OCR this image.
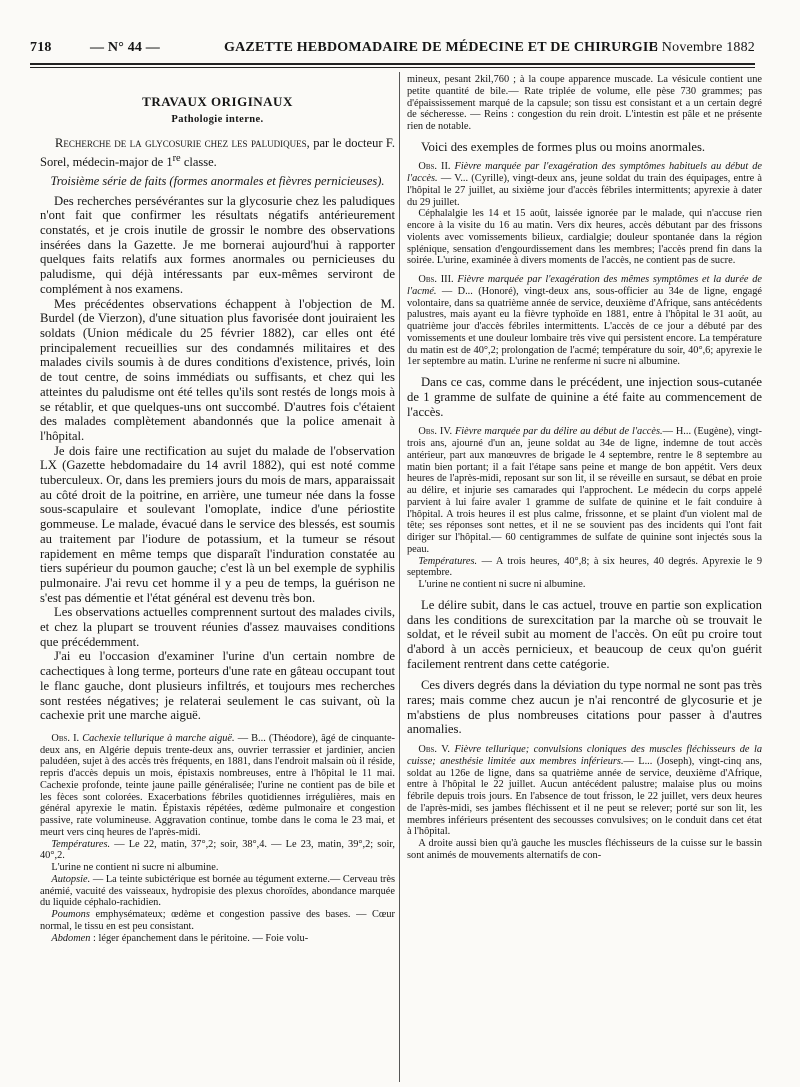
718	— N° 44 —	GAZETTE HEBDOMADAIRE DE MÉDECINE ET DE CHIRURGIE
3 Novembre 1882

TRAVAUX ORIGINAUX

Pathologie interne.

Recherche de la glycosurie chez les paludiques, par le docteur F. Sorel, médecin-major de 1re classe.

Troisième série de faits (formes anormales et fièvres pernicieuses).

Des recherches persévérantes sur la glycosurie chez les paludiques n'ont fait que confirmer les résultats négatifs antérieurement constatés, et je crois inutile de grossir le nombre des observations insérées dans la Gazette. Je me bornerai aujourd'hui à rapporter quelques faits relatifs aux formes anormales ou pernicieuses du paludisme, qui déjà intéressants par eux-mêmes serviront de complément à nos examens.

Mes précédentes observations échappent à l'objection de M. Burdel (de Vierzon), d'une situation plus favorisée dont jouiraient les soldats (Union médicale du 25 février 1882), car elles ont été principalement recueillies sur des condamnés militaires et des malades civils soumis à de dures conditions d'existence, privés, loin de tout centre, de soins immédiats ou suffisants, et chez qui les atteintes du paludisme ont été telles qu'ils sont restés de longs mois à se rétablir, et que quelques-uns ont succombé. D'autres fois c'étaient des malades complètement abandonnés que la police amenait à l'hôpital.

Je dois faire une rectification au sujet du malade de l'observation LX (Gazette hebdomadaire du 14 avril 1882), qui est noté comme tuberculeux. Or, dans les premiers jours du mois de mars, apparaissait au côté droit de la poitrine, en arrière, une tumeur née dans la fosse sous-scapulaire et soulevant l'omoplate, indice d'une périostite gommeuse. Le malade, évacué dans le service des blessés, est soumis au traitement par l'iodure de potassium, et la tumeur se résout rapidement en même temps que disparaît l'induration constatée au tiers supérieur du poumon gauche; c'est là un bel exemple de syphilis pulmonaire. J'ai revu cet homme il y a peu de temps, la guérison ne s'est pas démentie et l'état général est devenu très bon.

Les observations actuelles comprennent surtout des malades civils, et chez la plupart se trouvent réunies d'assez mauvaises conditions que précédemment.

J'ai eu l'occasion d'examiner l'urine d'un certain nombre de cachectiques à long terme, porteurs d'une rate en gâteau occupant tout le flanc gauche, dont plusieurs infiltrés, et toujours mes recherches sont restées négatives; je relaterai seulement le cas suivant, où la cachexie prit une marche aiguë.

Obs. I. Cachexie tellurique à marche aiguë. — B... (Théodore), âgé de cinquante-deux ans, en Algérie depuis trente-deux ans, ouvrier terrassier et jardinier, ancien paludéen, sujet à des accès très fréquents, en 1881, dans l'endroit malsain où il réside, repris d'accès depuis un mois, épistaxis nombreuses, entre à l'hôpital le 11 mai. Cachexie profonde, teinte jaune paille généralisée; l'urine ne contient pas de bile et les fèces sont colorées. Exacerbations fébriles quotidiennes irrégulières, mais en général apyrexie le matin. Épistaxis répétées, œdème pulmonaire et congestion passive, rate volumineuse. Aggravation continue, tombe dans le coma le 23 mai, et meurt vers cinq heures de l'après-midi.

Températures. — Le 22, matin, 37°,2; soir, 38°,4. — Le 23, matin, 39°,2; soir, 40°,2.

L'urine ne contient ni sucre ni albumine.

Autopsie. — La teinte subictérique est bornée au tégument externe.— Cerveau très anémié, vacuité des vaisseaux, hydropisie des plexus choroïdes, abondance marquée du liquide céphalo-rachidien.

Poumons emphysémateux; œdème et congestion passive des bases. — Cœur normal, le tissu en est peu consistant.

Abdomen : léger épanchement dans le péritoine. — Foie volu-

mineux, pesant 2kil,760 ; à la coupe apparence muscade. La vésicule contient une petite quantité de bile.— Rate triplée de volume, elle pèse 730 grammes; pas d'épaississement marqué de la capsule; son tissu est consistant et a un certain degré de sécheresse. — Reins : congestion du rein droit. L'intestin est pâle et ne présente rien de notable.

Voici des exemples de formes plus ou moins anormales.

Obs. II. Fièvre marquée par l'exagération des symptômes habituels au début de l'accès. — V... (Cyrille), vingt-deux ans, jeune soldat du train des équipages, entre à l'hôpital le 27 juillet, au sixième jour d'accès fébriles intermittents; apyrexie à dater du 29 juillet.

Céphalalgie les 14 et 15 août, laissée ignorée par le malade, qui n'accuse rien encore à la visite du 16 au matin. Vers dix heures, accès débutant par des frissons violents avec vomissements bilieux, cardialgie; douleur spontanée dans la région splénique, sensation d'engourdissement dans les membres; l'accès prend fin dans la soirée. L'urine, examinée à divers moments de l'accès, ne contient pas de sucre.

Obs. III. Fièvre marquée par l'exagération des mêmes symptômes et la durée de l'acmé. — D... (Honoré), vingt-deux ans, sous-officier au 34e de ligne, engagé volontaire, dans sa quatrième année de service, deuxième d'Afrique, sans antécédents palustres, mais ayant eu la fièvre typhoïde en 1881, entre à l'hôpital le 31 août, au quatrième jour d'accès fébriles intermittents. L'accès de ce jour a débuté par des vomissements et une douleur lombaire très vive qui persistent encore. La température du matin est de 40°,2; prolongation de l'acmé; température du soir, 40°,6; apyrexie le 1er septembre au matin. L'urine ne renferme ni sucre ni albumine.

Dans ce cas, comme dans le précédent, une injection sous-cutanée de 1 gramme de sulfate de quinine a été faite au commencement de l'accès.

Obs. IV. Fièvre marquée par du délire au début de l'accès.— H... (Eugène), vingt-trois ans, ajourné d'un an, jeune soldat au 34e de ligne, indemne de tout accès antérieur, part aux manœuvres de brigade le 4 septembre, rentre le 8 septembre au matin bien portant; il a fait l'étape sans peine et mange de bon appétit. Vers deux heures de l'après-midi, reposant sur son lit, il se réveille en sursaut, se débat en proie au délire, et injurie ses camarades qui l'approchent. Le médecin du corps appelé parvient à lui faire avaler 1 gramme de sulfate de quinine et le fait conduire à l'hôpital. A trois heures il est plus calme, frissonne, et se plaint d'un violent mal de tête; ses réponses sont nettes, et il ne se souvient pas des incidents qui l'ont fait diriger sur l'hôpital.— 60 centigrammes de sulfate de quinine sont injectés sous la peau.

Températures. — A trois heures, 40°,8; à six heures, 40 degrés. Apyrexie le 9 septembre.

L'urine ne contient ni sucre ni albumine.

Le délire subit, dans le cas actuel, trouve en partie son explication dans les conditions de surexcitation par la marche où se trouvait le soldat, et le réveil subit au moment de l'accès. On eût pu croire tout d'abord à un accès pernicieux, et beaucoup de ceux qu'on guérit facilement rentrent dans cette catégorie.

Ces divers degrés dans la déviation du type normal ne sont pas très rares; mais comme chez aucun je n'ai rencontré de glycosurie et je m'abstiens de plus nombreuses citations pour passer à d'autres anomalies.

Obs. V. Fièvre tellurique; convulsions cloniques des muscles fléchisseurs de la cuisse; anesthésie limitée aux membres inférieurs.— L... (Joseph), vingt-cinq ans, soldat au 126e de ligne, dans sa quatrième année de service, deuxième d'Afrique, entre à l'hôpital le 22 juillet. Aucun antécédent palustre; malaise plus ou moins fébrile depuis trois jours. En l'absence de tout frisson, le 22 juillet, vers deux heures de l'après-midi, ses jambes fléchissent et il ne peut se relever; porté sur son lit, les membres inférieurs présentent des secousses convulsives; on le conduit dans cet état à l'hôpital.

A droite aussi bien qu'à gauche les muscles fléchisseurs de la cuisse sur le bassin sont animés de mouvements alternatifs de con-
